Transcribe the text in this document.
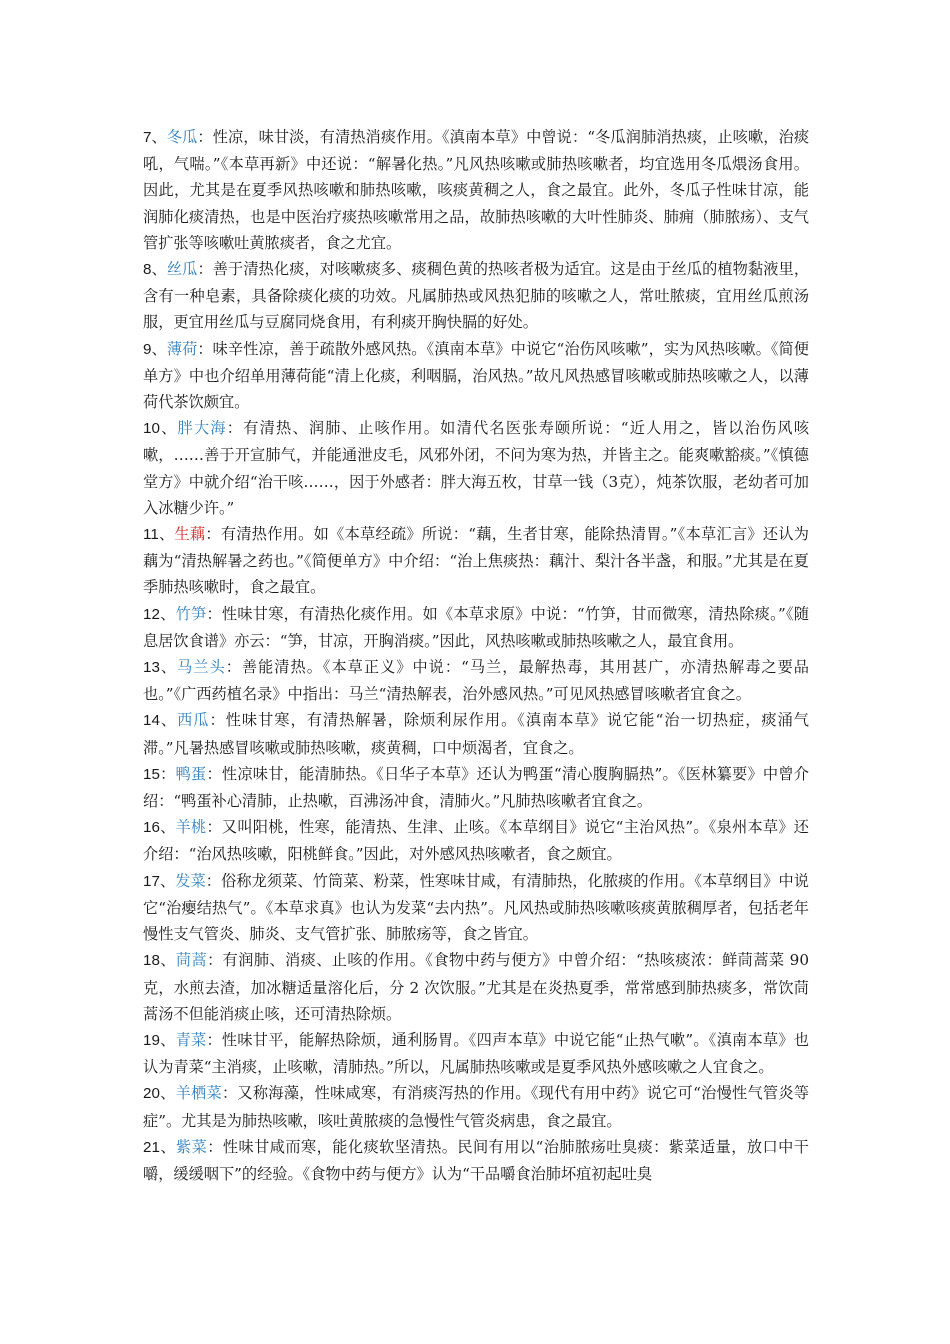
7、冬瓜：性凉，味甘淡，有清热消痰作用。《滇南本草》中曾说：“冬瓜润肺消热痰，止咳嗽，治痰吼，气喘。”《本草再新》中还说：“解暑化热。”凡风热咳嗽或肺热咳嗽者，均宜选用冬瓜煨汤食用。因此，尤其是在夏季风热咳嗽和肺热咳嗽，咳痰黄稠之人，食之最宜。此外，冬瓜子性味甘凉，能润肺化痰清热，也是中医治疗痰热咳嗽常用之品，故肺热咳嗽的大叶性肺炎、肺痈（肺脓疡）、支气管扩张等咳嗽吐黄脓痰者，食之尤宜。

8、丝瓜：善于清热化痰，对咳嗽痰多、痰稠色黄的热咳者极为适宜。这是由于丝瓜的植物黏液里，含有一种皂素，具备除痰化痰的功效。凡属肺热或风热犯肺的咳嗽之人，常吐脓痰，宜用丝瓜煎汤服，更宜用丝瓜与豆腐同烧食用，有利痰开胸快膈的好处。

9、薄荷：味辛性凉，善于疏散外感风热。《滇南本草》中说它“治伤风咳嗽”，实为风热咳嗽。《简便单方》中也介绍单用薄荷能“清上化痰，利咽膈，治风热。”故凡风热感冒咳嗽或肺热咳嗽之人，以薄荷代茶饮颇宜。

10、胖大海：有清热、润肺、止咳作用。如清代名医张寿颐所说：“近人用之，皆以治伤风咳嗽，……善于开宣肺气，并能通泄皮毛，风邪外闭，不问为寒为热，并皆主之。能爽嗽豁痰。”《慎德堂方》中就介绍“治干咳……，因于外感者：胖大海五枚，甘草一钱（3克），炖茶饮服，老幼者可加入冰糖少许。”

11、生藕：有清热作用。如《本草经疏》所说：“藕，生者甘寒，能除热清胃。”《本草汇言》还认为藕为“清热解暑之药也。”《简便单方》中介绍：“治上焦痰热：藕汁、梨汁各半盏，和服。”尤其是在夏季肺热咳嗽时，食之最宜。

12、竹笋：性味甘寒，有清热化痰作用。如《本草求原》中说：“竹笋，甘而微寒，清热除痰。”《随息居饮食谱》亦云：“笋，甘凉，开胸消痰。”因此，风热咳嗽或肺热咳嗽之人，最宜食用。

13、马兰头：善能清热。《本草正义》中说：“马兰，最解热毒，其用甚广，亦清热解毒之要品也。”《广西药植名录》中指出：马兰“清热解表，治外感风热。”可见风热感冒咳嗽者宜食之。

14、西瓜：性味甘寒，有清热解暑，除烦利尿作用。《滇南本草》说它能“治一切热症，痰涌气滞。”凡暑热感冒咳嗽或肺热咳嗽，痰黄稠，口中烦渴者，宜食之。

15：鸭蛋：性凉味甘，能清肺热。《日华子本草》还认为鸭蛋“清心腹胸膈热”。《医林纂要》中曾介绍：“鸭蛋补心清肺，止热嗽，百沸汤冲食，清肺火。”凡肺热咳嗽者宜食之。

16、羊桃：又叫阳桃，性寒，能清热、生津、止咳。《本草纲目》说它“主治风热”。《泉州本草》还介绍：“治风热咳嗽，阳桃鲜食。”因此，对外感风热咳嗽者，食之颇宜。

17、发菜：俗称龙须菜、竹筒菜、粉菜，性寒味甘咸，有清肺热，化脓痰的作用。《本草纲目》中说它“治瘿结热气”。《本草求真》也认为发菜“去内热”。凡风热或肺热咳嗽咳痰黄脓稠厚者，包括老年慢性支气管炎、肺炎、支气管扩张、肺脓疡等，食之皆宜。

18、茼蒿：有润肺、消痰、止咳的作用。《食物中药与便方》中曾介绍：“热咳痰浓：鲜茼蒿菜 90 克，水煎去渣，加冰糖适量溶化后，分 2 次饮服。”尤其是在炎热夏季，常常感到肺热痰多，常饮茼蒿汤不但能消痰止咳，还可清热除烦。

19、青菜：性味甘平，能解热除烦，通利肠胃。《四声本草》中说它能“止热气嗽”。《滇南本草》也认为青菜“主消痰，止咳嗽，清肺热。”所以，凡属肺热咳嗽或是夏季风热外感咳嗽之人宜食之。

20、羊栖菜：又称海藻，性味咸寒，有消痰泻热的作用。《现代有用中药》说它可“治慢性气管炎等症”。尤其是为肺热咳嗽，咳吐黄脓痰的急慢性气管炎病患，食之最宜。

21、紫菜：性味甘咸而寒，能化痰软坚清热。民间有用以“治肺脓疡吐臭痰：紫菜适量，放口中干嚼，缓缓咽下”的经验。《食物中药与便方》认为“干品嚼食治肺坏疽初起吐臭
